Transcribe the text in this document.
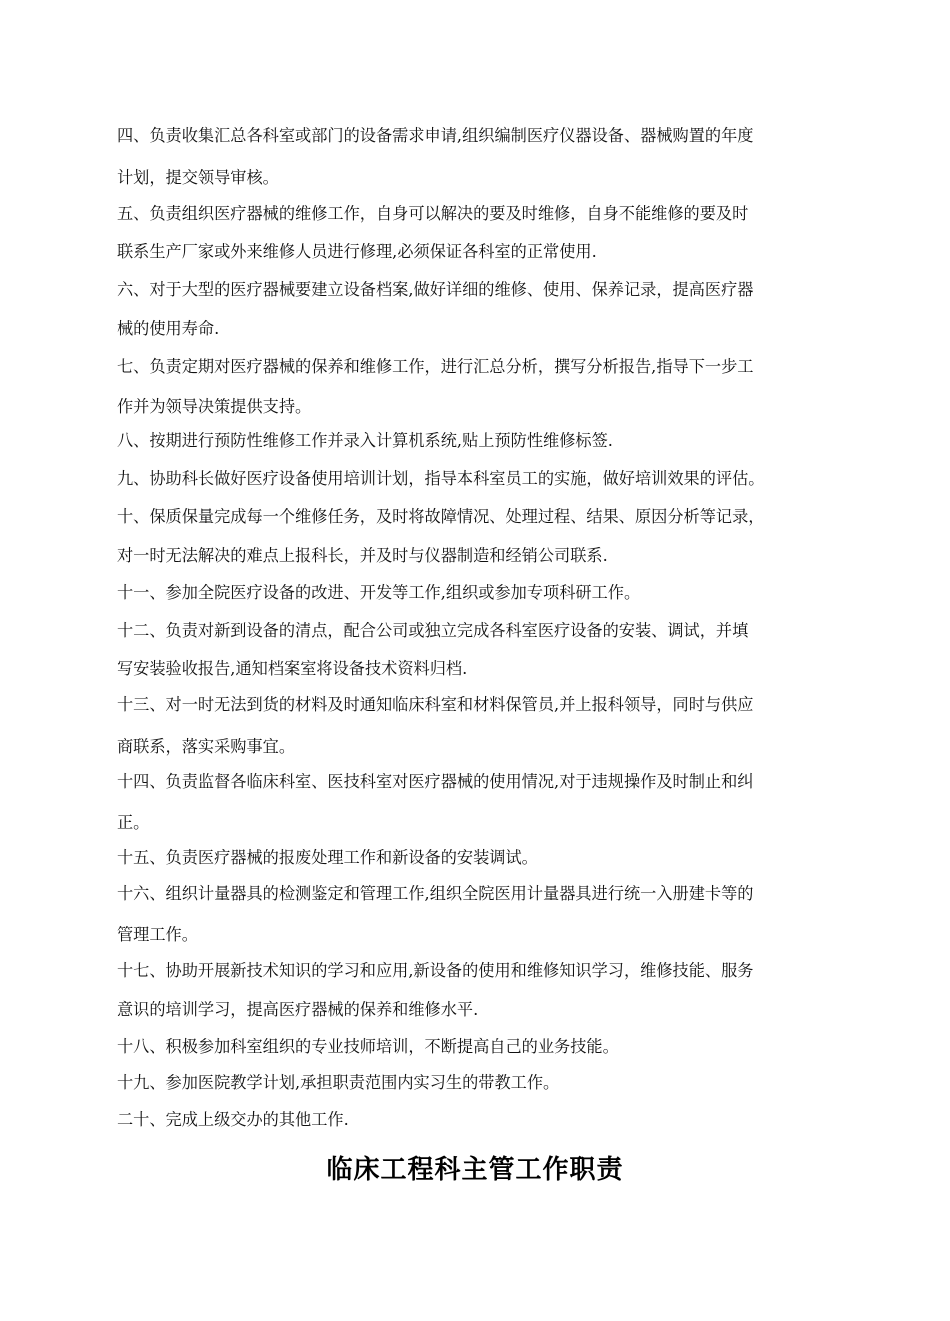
四、负责收集汇总各科室或部门的设备需求申请,组织编制医疗仪器设备、器械购置的年度
计划，提交领导审核。
五、负责组织医疗器械的维修工作，自身可以解决的要及时维修，自身不能维修的要及时
联系生产厂家或外来维修人员进行修理,必须保证各科室的正常使用.
六、对于大型的医疗器械要建立设备档案,做好详细的维修、使用、保养记录，提高医疗器
械的使用寿命.
七、负责定期对医疗器械的保养和维修工作，进行汇总分析，撰写分析报告,指导下一步工
作并为领导决策提供支持。
八、按期进行预防性维修工作并录入计算机系统,贴上预防性维修标签.
九、协助科长做好医疗设备使用培训计划，指导本科室员工的实施，做好培训效果的评估。
十、保质保量完成每一个维修任务，及时将故障情况、处理过程、结果、原因分析等记录，
对一时无法解决的难点上报科长，并及时与仪器制造和经销公司联系.
十一、参加全院医疗设备的改进、开发等工作,组织或参加专项科研工作。
十二、负责对新到设备的清点，配合公司或独立完成各科室医疗设备的安装、调试，并填
写安装验收报告,通知档案室将设备技术资料归档.
十三、对一时无法到货的材料及时通知临床科室和材料保管员,并上报科领导，同时与供应
商联系，落实采购事宜。
十四、负责监督各临床科室、医技科室对医疗器械的使用情况,对于违规操作及时制止和纠
正。
十五、负责医疗器械的报废处理工作和新设备的安装调试。
十六、组织计量器具的检测鉴定和管理工作,组织全院医用计量器具进行统一入册建卡等的
管理工作。
十七、协助开展新技术知识的学习和应用,新设备的使用和维修知识学习，维修技能、服务
意识的培训学习，提高医疗器械的保养和维修水平.
十八、积极参加科室组织的专业技师培训，不断提高自己的业务技能。
十九、参加医院教学计划,承担职责范围内实习生的带教工作。
二十、完成上级交办的其他工作.
临床工程科主管工作职责
